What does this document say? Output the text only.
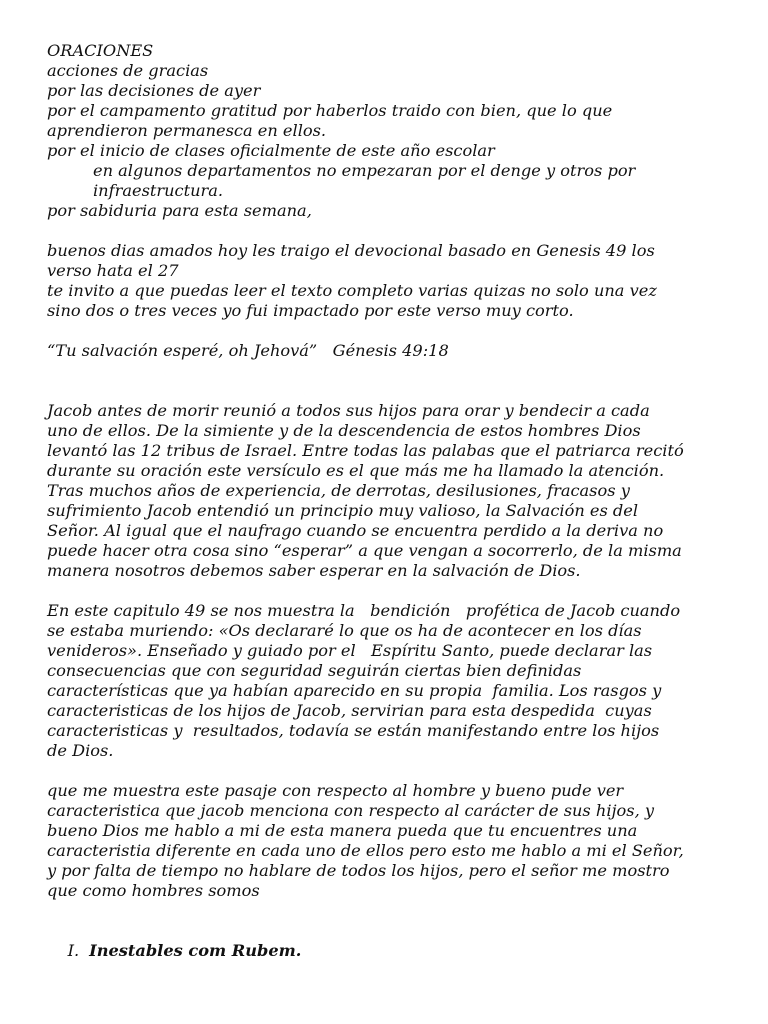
ORACIONES
acciones de gracias
por las decisiones de ayer
por el campamento gratitud por haberlos traido con bien, que lo que
aprendieron permanesca en ellos.
por el inicio de clases oficialmente de este año escolar
en algunos departamentos no empezaran por el denge y otros por
infraestructura.
por sabiduria para esta semana,
buenos dias amados hoy les traigo el devocional basado en Genesis 49 los
verso hata el 27
te invito a que puedas leer el texto completo varias quizas no solo una vez
sino dos o tres veces yo fui impactado por este verso muy corto.
“Tu salvación esperé, oh Jehová”   Génesis 49:18
Jacob antes de morir reunió a todos sus hijos para orar y bendecir a cada
uno de ellos. De la simiente y de la descendencia de estos hombres Dios
levantó las 12 tribus de Israel. Entre todas las palabas que el patriarca recitó
durante su oración este versículo es el que más me ha llamado la atención.
Tras muchos años de experiencia, de derrotas, desilusiones, fracasos y
sufrimiento Jacob entendió un principio muy valioso, la Salvación es del
Señor. Al igual que el naufrago cuando se encuentra perdido a la deriva no
puede hacer otra cosa sino “esperar” a que vengan a socorrerlo, de la misma
manera nosotros debemos saber esperar en la salvación de Dios.
En este capitulo 49 se nos muestra la   bendición   profética de Jacob cuando
se estaba muriendo: «Os declararé lo que os ha de acontecer en los días
venideros». Enseñado y guiado por el   Espíritu Santo, puede declarar las
consecuencias que con seguridad seguirán ciertas bien definidas
características que ya habían aparecido en su propia  familia. Los rasgos y
caracteristicas de los hijos de Jacob, servirian para esta despedida  cuyas
caracteristicas y  resultados, todavía se están manifestando entre los hijos
de Dios.
que me muestra este pasaje con respecto al hombre y bueno pude ver
caracteristica que jacob menciona con respecto al carácter de sus hijos, y
bueno Dios me hablo a mi de esta manera pueda que tu encuentres una
caracteristia diferente en cada uno de ellos pero esto me hablo a mi el Señor,
y por falta de tiempo no hablare de todos los hijos, pero el señor me mostro
que como hombres somos

I. Inestables com Rubem.
